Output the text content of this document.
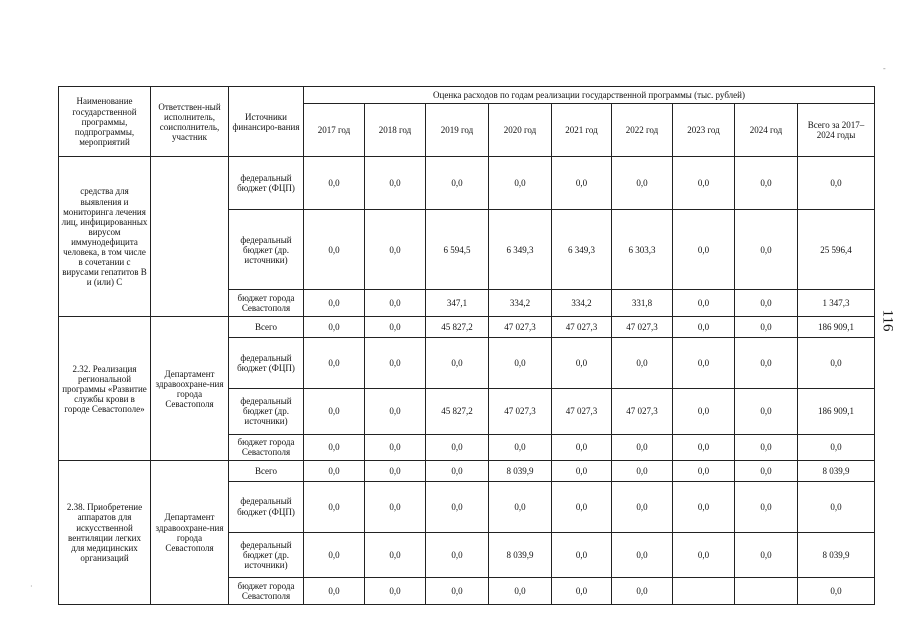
Наименование государственной программы, подпрограммы, мероприятий	Ответствен-ный исполнитель, соисполнитель, участник	Источники финансиро-вания	Оценка расходов по годам реализации государственной программы (тыс. рублей)								
			2017 год	2018 год	2019 год	2020 год	2021 год	2022 год	2023 год	2024 год	Всего за 2017–2024 годы
средства для выявления и мониторинга лечения лиц, инфицированных вирусом иммунодефицита человека, в том числе в сочетании с вирусами гепатитов В и (или) С		федеральный бюджет (ФЦП)	0,0	0,0	0,0	0,0	0,0	0,0	0,0	0,0	0,0
		федеральный бюджет (др. источники)	0,0	0,0	6 594,5	6 349,3	6 349,3	6 303,3	0,0	0,0	25 596,4
		бюджет города Севастополя	0,0	0,0	347,1	334,2	334,2	331,8	0,0	0,0	1 347,3
2.32. Реализация региональной программы «Развитие службы крови в городе Севастополе»	Департамент здравоохране-ния города Севастополя	Всего	0,0	0,0	45 827,2	47 027,3	47 027,3	47 027,3	0,0	0,0	186 909,1
		федеральный бюджет (ФЦП)	0,0	0,0	0,0	0,0	0,0	0,0	0,0	0,0	0,0
		федеральный бюджет (др. источники)	0,0	0,0	45 827,2	47 027,3	47 027,3	47 027,3	0,0	0,0	186 909,1
		бюджет города Севастополя	0,0	0,0	0,0	0,0	0,0	0,0	0,0	0,0	0,0
2.38. Приобретение аппаратов для искусственной вентиляции легких для медицинских организаций	Департамент здравоохране-ния города Севастополя	Всего	0,0	0,0	0,0	8 039,9	0,0	0,0	0,0	0,0	8 039,9
		федеральный бюджет (ФЦП)	0,0	0,0	0,0	0,0	0,0	0,0	0,0	0,0	0,0
		федеральный бюджет (др. источники)	0,0	0,0	0,0	8 039,9	0,0	0,0	0,0	0,0	8 039,9
		бюджет города Севастополя	0,0	0,0	0,0	0,0	0,0	0,0			0,0
116
-
·
